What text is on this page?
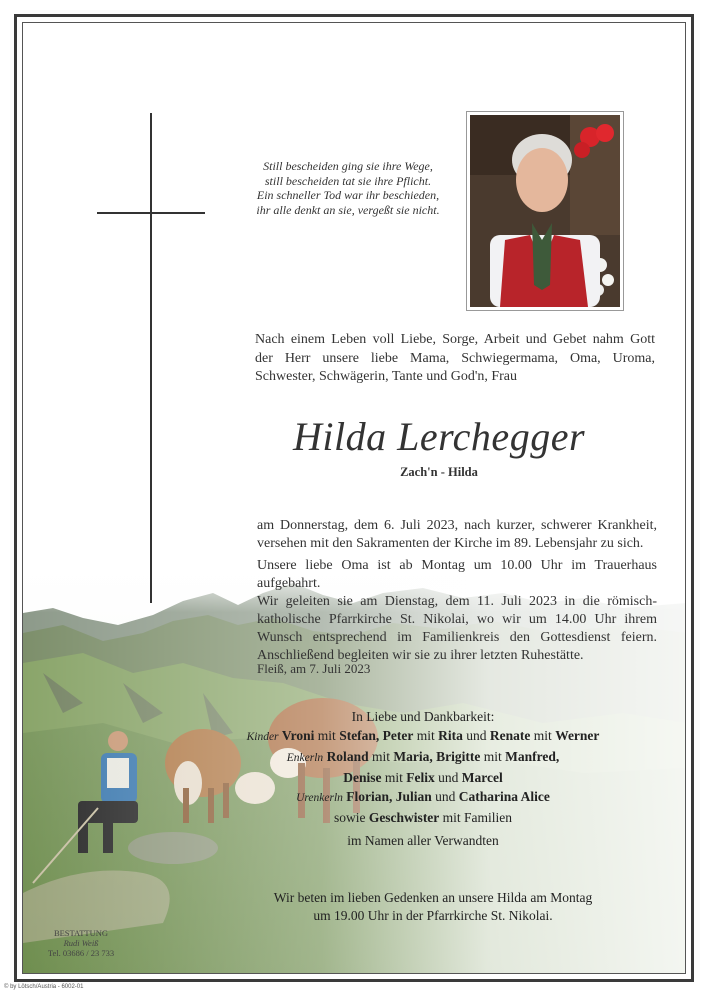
© by Lötsch/Austria - 6002-01
Still bescheiden ging sie ihre Wege,
still bescheiden tat sie ihre Pflicht.
Ein schneller Tod war ihr beschieden,
ihr alle denkt an sie, vergeßt sie nicht.
Nach einem Leben voll Liebe, Sorge, Arbeit und Gebet nahm Gott
der Herr unsere liebe Mama, Schwiegermama, Oma, Uroma,
Schwester, Schwägerin, Tante und God'n, Frau
Hilda Lerchegger
Zach'n - Hilda
am Donnerstag, dem 6. Juli 2023, nach kurzer, schwerer Krankheit,
versehen mit den Sakramenten der Kirche im 89. Lebensjahr zu sich.
Unsere liebe Oma ist ab Montag um 10.00 Uhr im Trauerhaus
aufgebahrt.
Wir geleiten sie am Dienstag, dem 11. Juli 2023 in die römisch-
katholische Pfarrkirche St. Nikolai, wo wir um 14.00 Uhr ihrem
Wunsch entsprechend im Familienkreis den Gottesdienst feiern.
Anschließend begleiten wir sie zu ihrer letzten Ruhestätte.
Fleiß, am 7. Juli 2023
In Liebe und Dankbarkeit:
Kinder Vroni mit Stefan, Peter mit Rita und Renate mit Werner
Enkerln Roland mit Maria, Brigitte mit Manfred,
Denise mit Felix und Marcel
Urenkerln Florian, Julian und Catharina Alice
sowie Geschwister mit Familien
im Namen aller Verwandten
Wir beten im lieben Gedenken an unsere Hilda am Montag
um 19.00 Uhr in der Pfarrkirche St. Nikolai.
BESTATTUNG
Rudi Weiß
Tel. 03686 / 23 733
